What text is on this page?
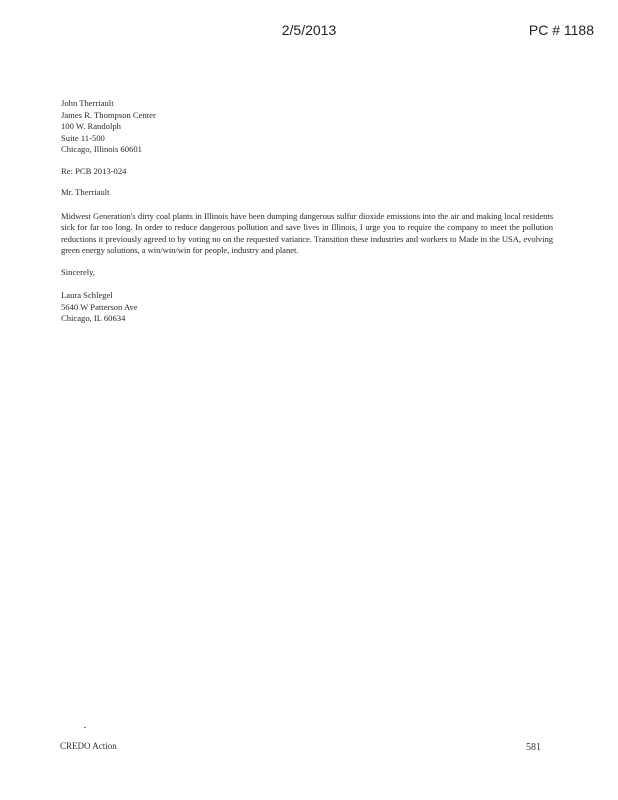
2/5/2013	PC # 1188
John Therriault
James R. Thompson Center
100 W. Randolph
Suite 11-500
Chicago, Illinois 60601
Re: PCB 2013-024
Mr. Therriault
Midwest Generation's dirty coal plants in Illinois have been dumping dangerous sulfur dioxide emissions into the air and making local residents sick for far too long. In order to reduce dangerous pollution and save lives in Illinois, I urge you to require the company to meet the pollution reductions it previously agreed to by voting no on the requested variance. Transition these industries and workers to Made in the USA, evolving green energy solutions, a win/win/win for people, industry and planet.
Sincerely,
Laura Schlegel
5640 W Patterson Ave
Chicago, IL 60634
CREDO Action	581
